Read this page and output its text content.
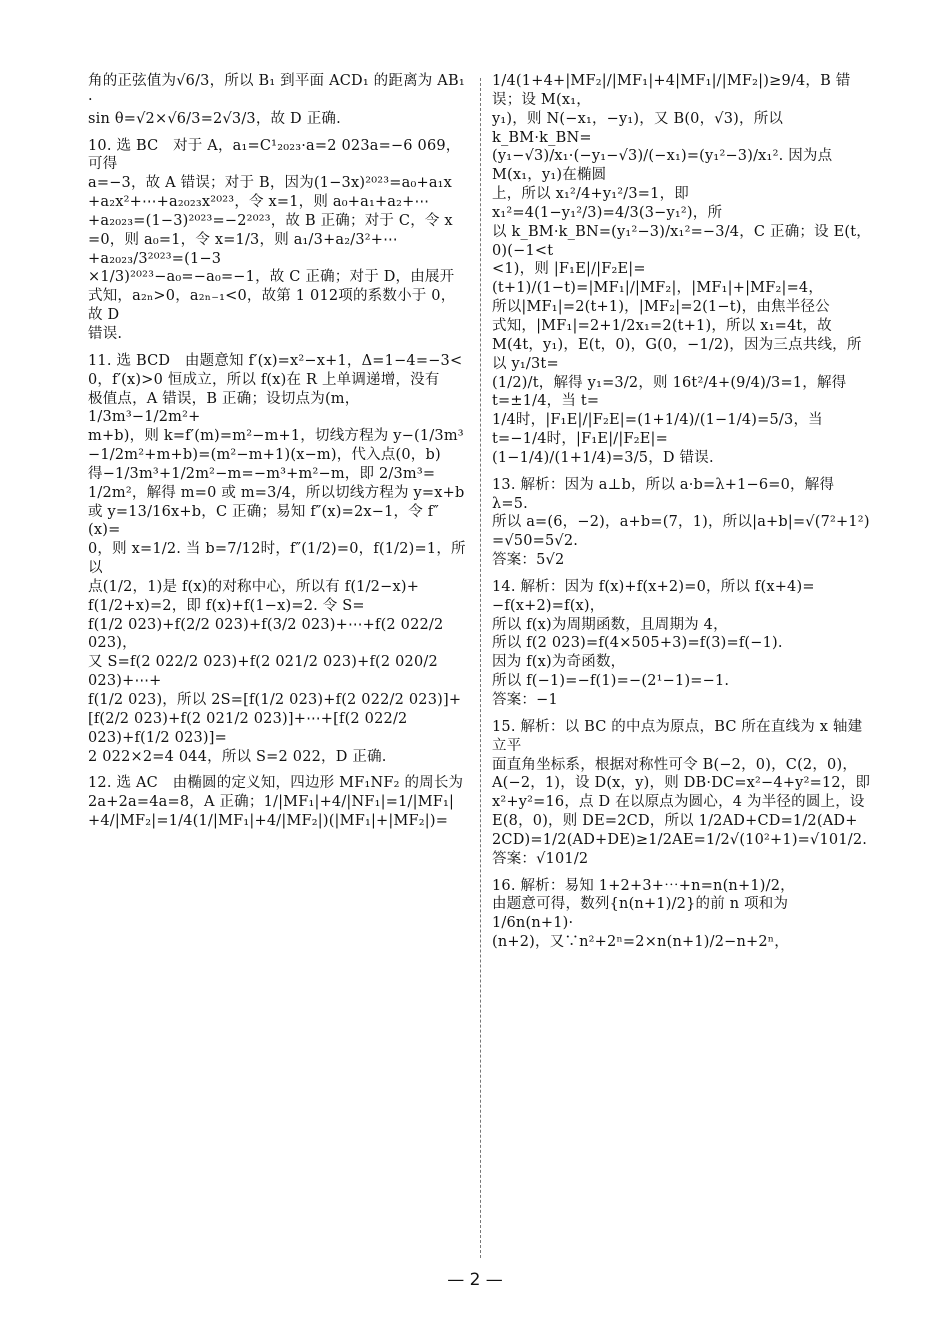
角的正弦值为√6/3，所以 B₁ 到平面 ACD₁ 的距离为 AB₁ ·

sin θ=√2×√6/3=2√3/3，故 D 正确.

10. 选 BC　对于 A，a₁=C¹₂₀₂₃·a=2 023a=−6 069，可得

a=−3，故 A 错误；对于 B，因为(1−3x)²⁰²³=a₀+a₁x

+a₂x²+⋯+a₂₀₂₃x²⁰²³，令 x=1，则 a₀+a₁+a₂+⋯

+a₂₀₂₃=(1−3)²⁰²³=−2²⁰²³，故 B 正确；对于 C，令 x

=0，则 a₀=1，令 x=1/3，则 a₁/3+a₂/3²+⋯+a₂₀₂₃/3²⁰²³=(1−3

×1/3)²⁰²³−a₀=−a₀=−1，故 C 正确；对于 D，由展开

式知，a₂ₙ>0，a₂ₙ₋₁<0，故第 1 012项的系数小于 0，故 D

错误.

11. 选 BCD　由题意知 f′(x)=x²−x+1，Δ=1−4=−3<

0，f′(x)>0 恒成立，所以 f(x)在 R 上单调递增，没有

极值点，A 错误，B 正确；设切点为(m，1/3m³−1/2m²+

m+b)，则 k=f′(m)=m²−m+1，切线方程为 y−(1/3m³

−1/2m²+m+b)=(m²−m+1)(x−m)，代入点(0，b)

得−1/3m³+1/2m²−m=−m³+m²−m，即 2/3m³=

1/2m²，解得 m=0 或 m=3/4，所以切线方程为 y=x+b

或 y=13/16x+b，C 正确；易知 f″(x)=2x−1，令 f″(x)=

0，则 x=1/2. 当 b=7/12时，f″(1/2)=0，f(1/2)=1，所以

点(1/2，1)是 f(x)的对称中心，所以有 f(1/2−x)+

f(1/2+x)=2，即 f(x)+f(1−x)=2. 令 S=

f(1/2 023)+f(2/2 023)+f(3/2 023)+⋯+f(2 022/2 023)，

又 S=f(2 022/2 023)+f(2 021/2 023)+f(2 020/2 023)+⋯+

f(1/2 023)，所以 2S=[f(1/2 023)+f(2 022/2 023)]+

[f(2/2 023)+f(2 021/2 023)]+⋯+[f(2 022/2 023)+f(1/2 023)]=

2 022×2=4 044，所以 S=2 022，D 正确.

12. 选 AC　由椭圆的定义知，四边形 MF₁NF₂ 的周长为

2a+2a=4a=8，A 正确；1/|MF₁|+4/|NF₁|=1/|MF₁|

+4/|MF₂|=1/4(1/|MF₁|+4/|MF₂|)(|MF₁|+|MF₂|)=

1/4(1+4+|MF₂|/|MF₁|+4|MF₁|/|MF₂|)≥9/4，B 错误；设 M(x₁，

y₁)，则 N(−x₁，−y₁)，又 B(0，√3)，所以 k_BM·k_BN=

(y₁−√3)/x₁·(−y₁−√3)/(−x₁)=(y₁²−3)/x₁². 因为点 M(x₁，y₁)在椭圆

上，所以 x₁²/4+y₁²/3=1，即 x₁²=4(1−y₁²/3)=4/3(3−y₁²)，所

以 k_BM·k_BN=(y₁²−3)/x₁²=−3/4，C 正确；设 E(t，0)(−1<t

<1)，则 |F₁E|/|F₂E|=(t+1)/(1−t)=|MF₁|/|MF₂|，|MF₁|+|MF₂|=4，

所以|MF₁|=2(t+1)，|MF₂|=2(1−t)，由焦半径公

式知，|MF₁|=2+1/2x₁=2(t+1)，所以 x₁=4t，故

M(4t，y₁)，E(t，0)，G(0，−1/2)，因为三点共线，所以 y₁/3t=

(1/2)/t，解得 y₁=3/2，则 16t²/4+(9/4)/3=1，解得 t=±1/4，当 t=

1/4时，|F₁E|/|F₂E|=(1+1/4)/(1−1/4)=5/3，当 t=−1/4时，|F₁E|/|F₂E|=

(1−1/4)/(1+1/4)=3/5，D 错误.

13. 解析：因为 a⊥b，所以 a·b=λ+1−6=0，解得 λ=5.

所以 a=(6，−2)，a+b=(7，1)，所以|a+b|=√(7²+1²)

=√50=5√2.

答案：5√2

14. 解析：因为 f(x)+f(x+2)=0，所以 f(x+4)=

−f(x+2)=f(x)，

所以 f(x)为周期函数，且周期为 4，

所以 f(2 023)=f(4×505+3)=f(3)=f(−1).

因为 f(x)为奇函数，

所以 f(−1)=−f(1)=−(2¹−1)=−1.

答案：−1

15. 解析：以 BC 的中点为原点，BC 所在直线为 x 轴建立平

面直角坐标系，根据对称性可令 B(−2，0)，C(2，0)，

A(−2，1)，设 D(x，y)，则 DB·DC=x²−4+y²=12，即

x²+y²=16，点 D 在以原点为圆心，4 为半径的圆上，设

E(8，0)，则 DE=2CD，所以 1/2AD+CD=1/2(AD+

2CD)=1/2(AD+DE)≥1/2AE=1/2√(10²+1)=√101/2.

答案：√101/2

16. 解析：易知 1+2+3+⋯+n=n(n+1)/2，

由题意可得，数列{n(n+1)/2}的前 n 项和为 1/6n(n+1)·

(n+2)，又∵n²+2ⁿ=2×n(n+1)/2−n+2ⁿ，

— 2 —
